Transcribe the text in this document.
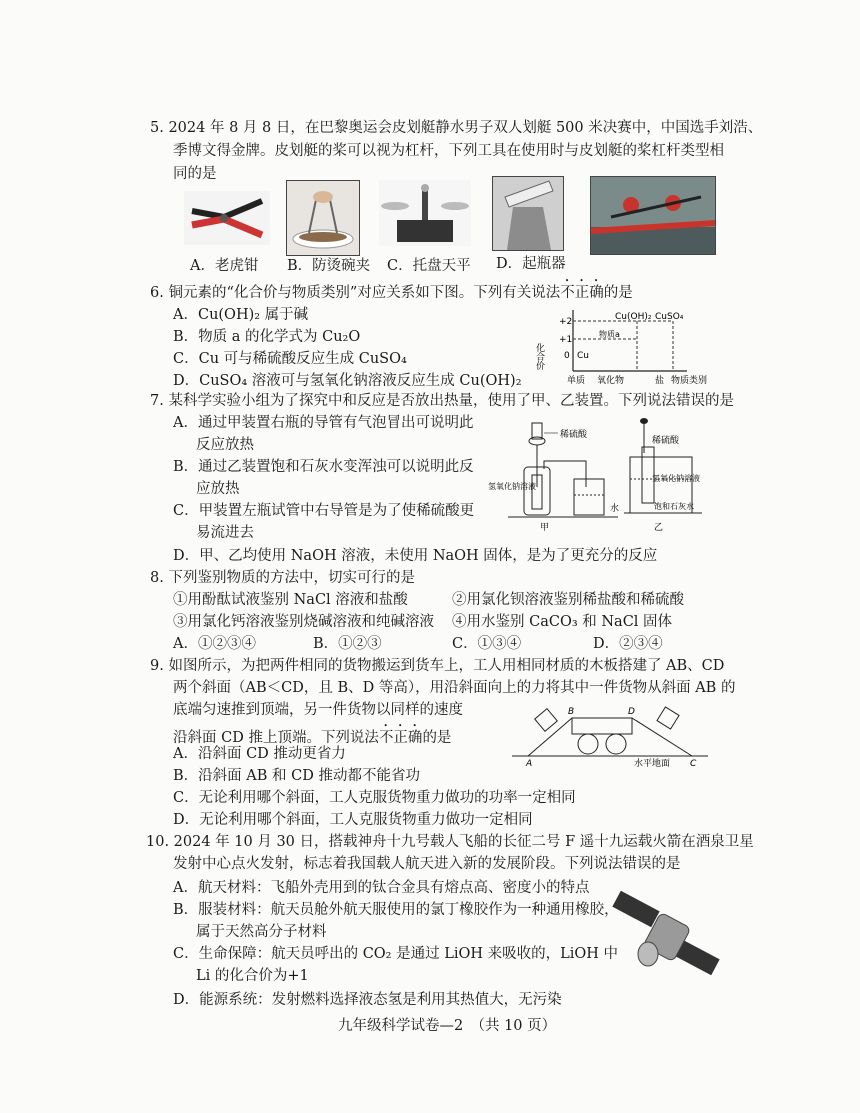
5. 2024 年 8 月 8 日，在巴黎奥运会皮划艇静水男子双人划艇 500 米决赛中，中国选手刘浩、
季博文得金牌。皮划艇的桨可以视为杠杆，下列工具在使用时与皮划艇的桨杠杆类型相
同的是
A．老虎钳 B．防烫碗夹 C．托盘天平 D．起瓶器
6. 铜元素的“化合价与物质类别”对应关系如下图。下列有关说法不正确的是
A．Cu(OH)₂ 属于碱
B．物质 a 的化学式为 Cu₂O
C．Cu 可与稀硫酸反应生成 CuSO₄
D．CuSO₄ 溶液可与氢氧化钠溶液反应生成 Cu(OH)₂
化合价
+2
+1
0
Cu(OH)₂ CuSO₄
物质a
Cu
单质 氧化物	盐 物质类别
7. 某科学实验小组为了探究中和反应是否放出热量，使用了甲、乙装置。下列说法错误的是
A．通过甲装置右瓶的导管有气泡冒出可说明此
反应放热
B．通过乙装置饱和石灰水变浑浊可以说明此反
应放热
C．甲装置左瓶试管中右导管是为了使稀硫酸更
易流进去
D．甲、乙均使用 NaOH 溶液，未使用 NaOH 固体，是为了更充分的反应
稀硫酸
氢氧化钠溶液
水
甲
稀硫酸
氢氧化钠溶液
饱和石灰水
乙
8. 下列鉴别物质的方法中，切实可行的是
①用酚酞试液鉴别 NaCl 溶液和盐酸	②用氯化钡溶液鉴别稀盐酸和稀硫酸
③用氯化钙溶液鉴别烧碱溶液和纯碱溶液 ④用水鉴别 CaCO₃ 和 NaCl 固体
A．①②③④	B．①②③	C．①③④	D．②③④
9. 如图所示，为把两件相同的货物搬运到货车上，工人用相同材质的木板搭建了 AB、CD
两个斜面（AB＜CD，且 B、D 等高），用沿斜面向上的力将其中一件货物从斜面 AB 的
底端匀速推到顶端，另一件货物以同样的速度
沿斜面 CD 推上顶端。下列说法不正确的是
A．沿斜面 CD 推动更省力
B．沿斜面 AB 和 CD 推动都不能省功
C．无论利用哪个斜面，工人克服货物重力做功的功率一定相同
D．无论利用哪个斜面，工人克服货物重力做功一定相同
A
B
C
D
水平地面
10. 2024 年 10 月 30 日，搭载神舟十九号载人飞船的长征二号 F 遥十九运载火箭在酒泉卫星
发射中心点火发射，标志着我国载人航天进入新的发展阶段。下列说法错误的是
A．航天材料：飞船外壳用到的钛合金具有熔点高、密度小的特点
B．服装材料：航天员舱外航天服使用的氯丁橡胶作为一种通用橡胶，
属于天然高分子材料
C．生命保障：航天员呼出的 CO₂ 是通过 LiOH 来吸收的，LiOH 中
Li 的化合价为+1
D．能源系统：发射燃料选择液态氢是利用其热值大，无污染
九年级科学试卷—2　（共 10 页）
